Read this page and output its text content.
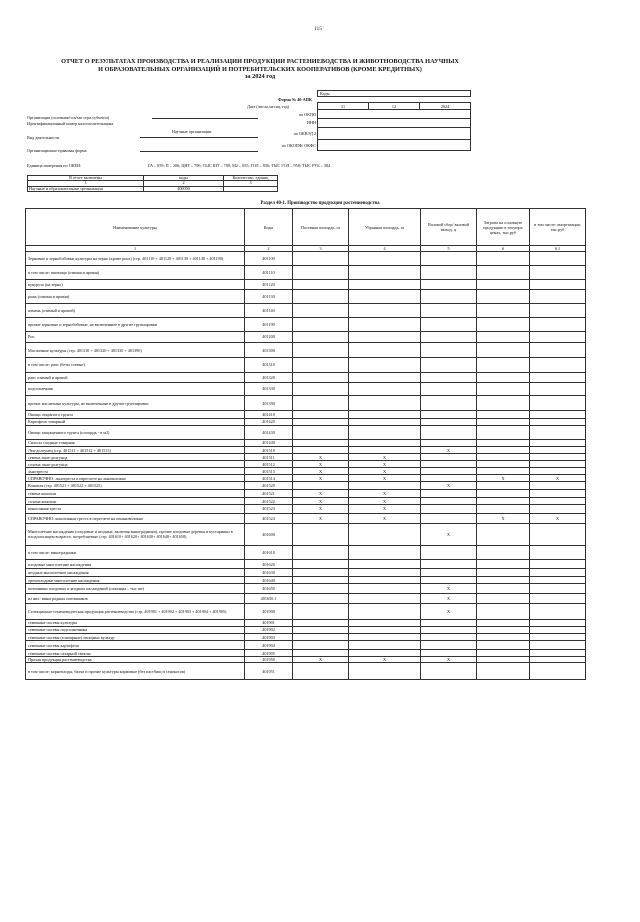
115
ОТЧЕТ О РЕЗУЛЬТАТАХ ПРОИЗВОДСТВА И РЕАЛИЗАЦИИ ПРОДУКЦИИ РАСТЕНИЕВОДСТВА И ЖИВОТНОВОДСТВА НАУЧНЫХ
И ОБРАЗОВАТЕЛЬНЫХ ОРГАНИЗАЦИЙ И ПОТРЕБИТЕЛЬСКИХ КООПЕРАТИВОВ (КРОМЕ КРЕДИТНЫХ)
за 2024 год
Коды
Форма № 40-АПК
Дата (число,месяц, год)	31	12	2024
по ОКПО
ИНН
по ОКВЭД 2
по ОКОПФ/ ОКФС
Организация (головная/ось/зап огра субъекта)
Идентификационный номер налогоплательщика
Вид деятельности
Научные организации
Организационно-правовая форма
Единица измерения по ОКЕИ:	ГА – 059; П – 206; ЦНТ – 796; ТЫС ШТ – 798; М2 – 055; ГОЛ – 836; ТЫС ГОЛ – 958; ТЫС РУБ – 384
В отчет включены	коды	Количество, единиц
1	2	3
Научные и образовательные организации	400000	
Раздел 40-1. Производство продукции растениеводства
Наименование культуры	Коды	Посевная площадь, га	Убранная площадь, га	Валовой сбор/ валовой выход, ц	Затраты на основную продукцию в текущих ценах, тыс.руб	в том числе: амортизация, тыс.руб
1	2	3	4	5	6	6.1
Зерновые и зернобобовые культуры на зерно (кроме риса) (стр. 401110 + 401120 + 401130 + 401140 + 401190)	401100					
в том числе: пшеница (озимая и яровая)	401110					
кукуруза (на зерно)	401120					
рожь (озимая и яровая)	401130					
ячмень (озимый и яровой)	401140					
прочие зерновые и зернобобовые, не включенные в другие группировки	401190					
Рис	401200					
Масличные культуры (стр. 401310 + 401320 + 401330 + 401390)	401300					
в том числе: рапс (безы соевые)	401310					
рапс озимый и яровой	401320					
подсолнечник	401330					
прочие масличные культуры, не включенные в другие группировки	401390					
Овощи открытого грунта	401410					
Картофель товарный	401420					
Овощи защищенного грунта (площадь - в м2)	401430					
Силосы сходные товарная	401440					
Лен-долгунец (стр. 401511 + 401512 + 401513)	401510			X		
семена льна-долгунца	401511	X	X			
солома льна-долгунца	401512	X	X			
льнотреста	401513	X	X			
СПРАВОЧНО: льнотреста в пересчете на льноволокно	401514	X	X		X	X
Конопля (стр. 401521 + 401522 + 401523)	401520			X		
семена конопли	401521	X	X			
солома конопли	401522	X	X			
конопляная треста	401523	X	X			
СПРАВОЧНО: конопляная треста в пересчете на пеньковолокно	401524	X	X		X	X
Многолетние насаждения (плодовые и ягодные, включая виноградники), прочие плодовые деревья и кустарники в плодоносящем возрасте, потребляемые (стр. 401610+ 401620+ 401630+ 401640+ 401650)	401600			X		
в том числе: виноградники	401610					
плодовые многолетние насаждения	401620					
ягодные многолетние насаждения	401630					
орехоплодные многолетние насаждения	401640					
питомники плодовых и ягодных насаждений (саженцы – тыс шт)	401650			X		
из них: виноградных питомников	401650.1			X		
Селекционно-семеноводческая продукция растениеводства (стр. 401901 + 401902 + 401903 + 401904 + 401905)	401900			X		
семенные посевы культуры	401901					
семенные посевы подсолнечника	401902					
семенные посевы (гончарные) овощных культур	401903					
семенные посевы картофеля	401904					
семенные посевы сахарной свеклы	401905					
Прочая продукция растениеводства	401950	X	X	X		
в том числе: корнеплоды, бахча и прочие культуры кормовые (без пастбищ и сенокосов)	401951					
